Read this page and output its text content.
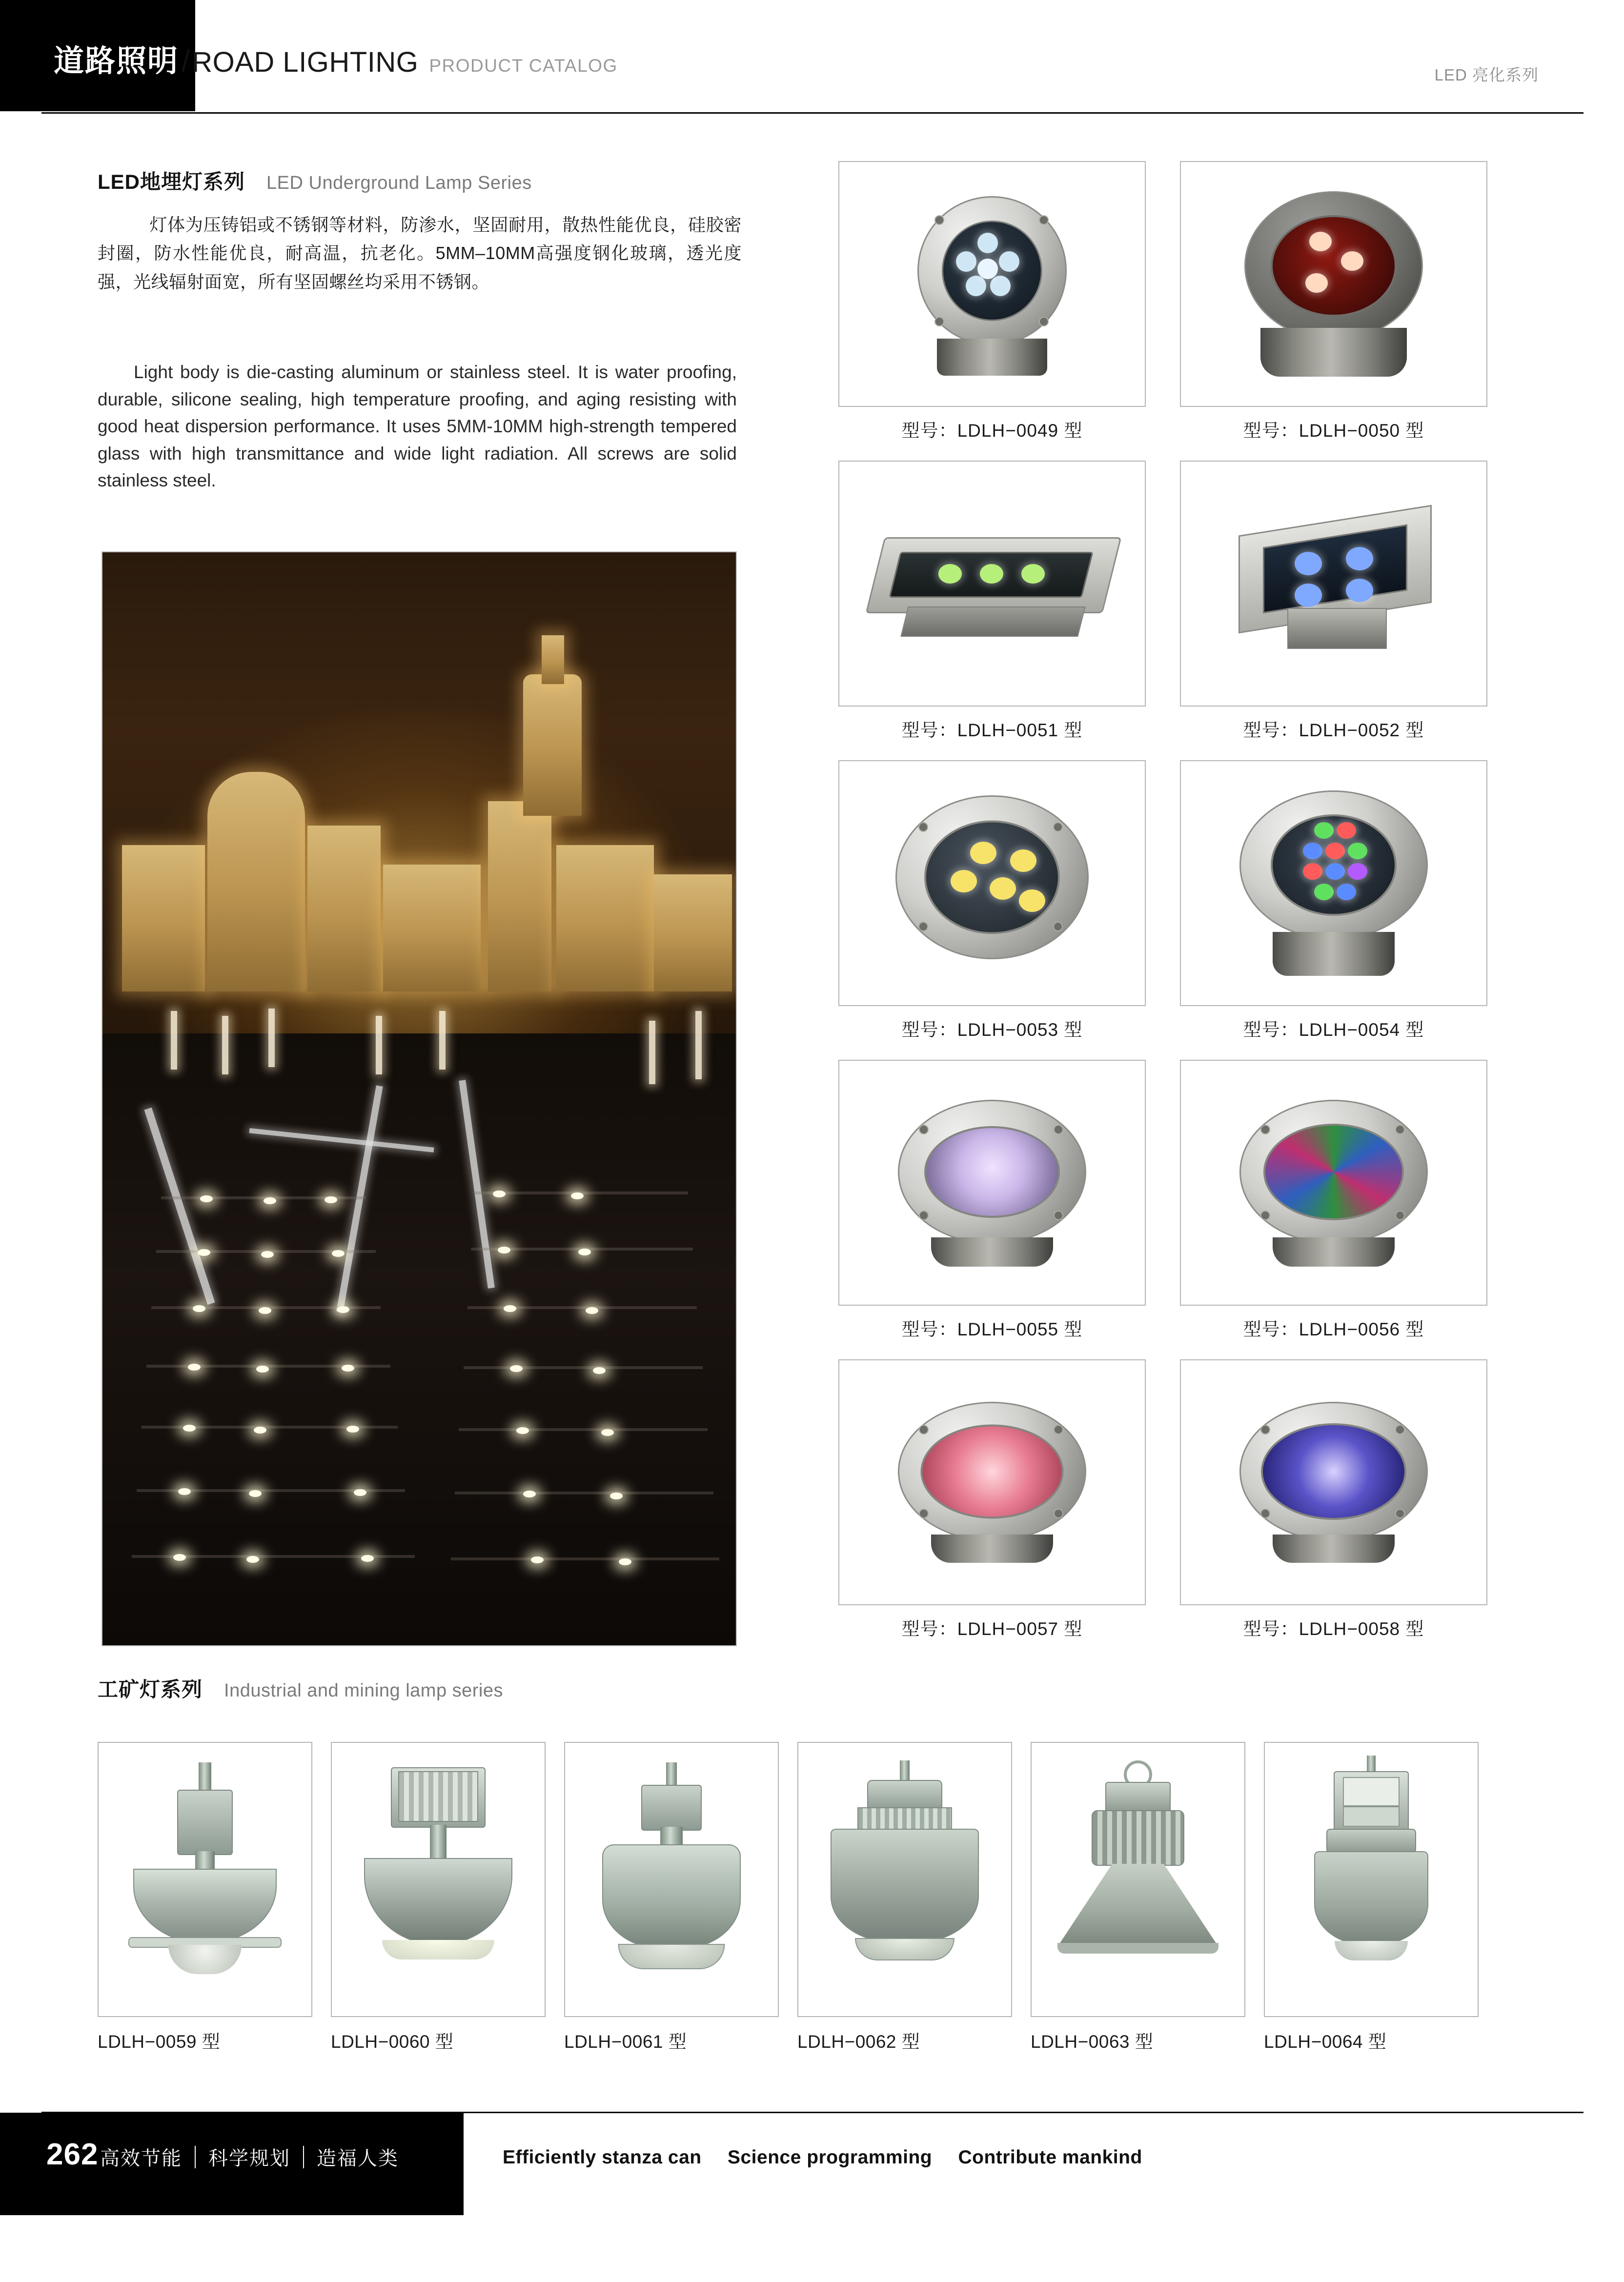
道路照明 / ROAD LIGHTING PRODUCT CATALOG	LED 亮化系列
LED地埋灯系列 LED Underground Lamp Series
灯体为压铸铝或不锈钢等材料，防渗水，坚固耐用，散热性能优良，硅胶密封圈，防水性能优良，耐高温，抗老化。5MM–10MM高强度钢化玻璃，透光度强，光线辐射面宽，所有坚固螺丝均采用不锈钢。
Light body is die-casting aluminum or stainless steel. It is water proofing, durable, silicone sealing, high temperature proofing, and aging resisting with good heat dispersion performance. It uses 5MM-10MM high-strength tempered glass with high transmittance and wide light radiation. All screws are solid stainless steel.
型号：LDLH−0049 型	型号：LDLH−0050 型
型号：LDLH−0051 型	型号：LDLH−0052 型
型号：LDLH−0053 型	型号：LDLH−0054 型
型号：LDLH−0055 型	型号：LDLH−0056 型
型号：LDLH−0057 型	型号：LDLH−0058 型
工矿灯系列 Industrial and mining lamp series
LDLH−0059 型	LDLH−0060 型	LDLH−0061 型	LDLH−0062 型	LDLH−0063 型	LDLH−0064 型
262 高效节能 科学规划 造福人类	Efficiently stanza can Science programming Contribute mankind
